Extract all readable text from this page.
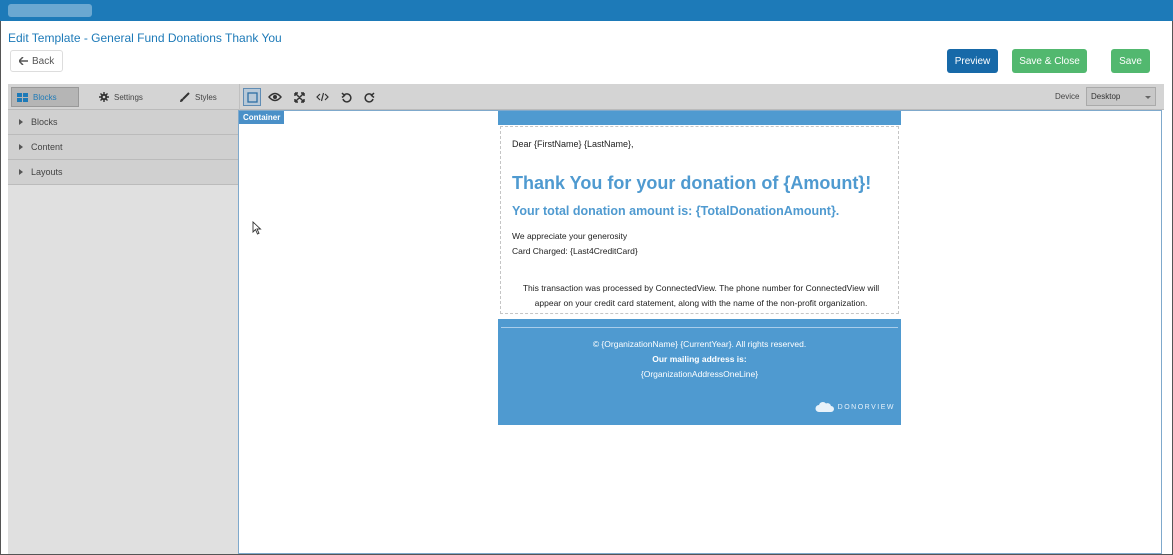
Edit Template - General Fund Donations Thank You
Back	Preview	Save & Close	Save
Blocks	Settings	Styles	Device Desktop
Blocks
Content
Layouts
Container
Dear {FirstName} {LastName},
Thank You for your donation of {Amount}!
Your total donation amount is: {TotalDonationAmount}.
We appreciate your generosity
Card Charged: {Last4CreditCard}
This transaction was processed by ConnectedView. The phone number for ConnectedView will appear on your credit card statement, along with the name of the non-profit organization.
© {OrganizationName} {CurrentYear}. All rights reserved.
Our mailing address is:
{OrganizationAddressOneLine}
DONORVIEW
